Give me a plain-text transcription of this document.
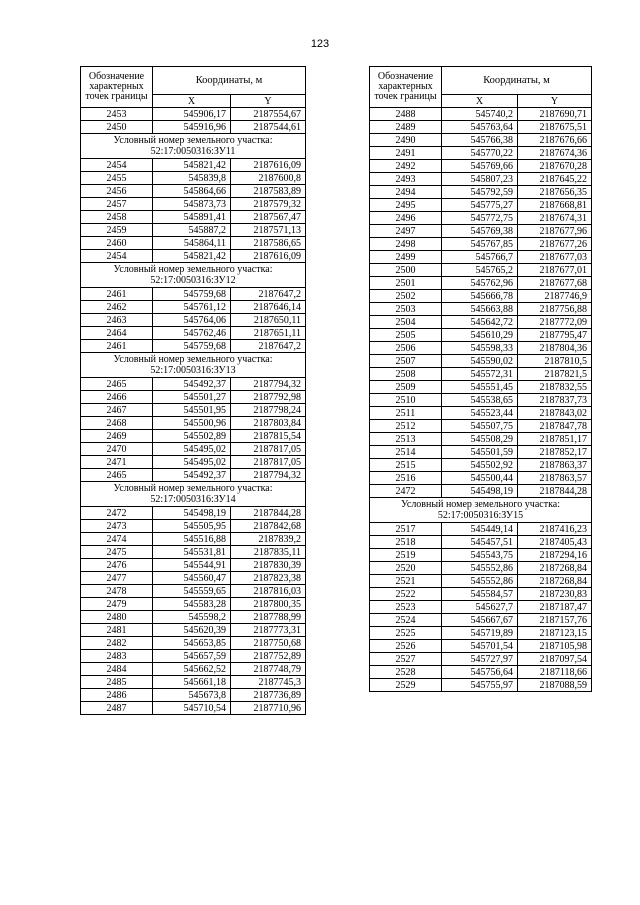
123
Обозначение характерных точек границы	Координаты, м	
	X	Y
2453	545906,17	2187554,67
2450	545916,96	2187544,61
Условный номер земельного участка: 52:17:0050316:ЗУ11		
2454	545821,42	2187616,09
2455	545839,8	2187600,8
2456	545864,66	2187583,89
2457	545873,73	2187579,32
2458	545891,41	2187567,47
2459	545887,2	2187571,13
2460	545864,11	2187586,65
2454	545821,42	2187616,09
Условный номер земельного участка: 52:17:0050316:ЗУ12		
2461	545759,68	2187647,2
2462	545761,12	2187646,14
2463	545764,06	2187650,11
2464	545762,46	2187651,11
2461	545759,68	2187647,2
Условный номер земельного участка: 52:17:0050316:ЗУ13		
2465	545492,37	2187794,32
2466	545501,27	2187792,98
2467	545501,95	2187798,24
2468	545500,96	2187803,84
2469	545502,89	2187815,54
2470	545495,02	2187817,05
2471	545495,02	2187817,05
2465	545492,37	2187794,32
Условный номер земельного участка: 52:17:0050316:ЗУ14		
2472	545498,19	2187844,28
2473	545505,95	2187842,68
2474	545516,88	2187839,2
2475	545531,81	2187835,11
2476	545544,91	2187830,39
2477	545560,47	2187823,38
2478	545559,65	2187816,03
2479	545583,28	2187800,35
2480	545598,2	2187788,99
2481	545620,39	2187773,31
2482	545653,85	2187750,68
2483	545657,59	2187752,89
2484	545662,52	2187748,79
2485	545661,18	2187745,3
2486	545673,8	2187736,89
2487	545710,54	2187710,96
Обозначение характерных точек границы	Координаты, м	
	X	Y
2488	545740,2	2187690,71
2489	545763,64	2187675,51
2490	545766,38	2187676,66
2491	545770,22	2187674,36
2492	545769,66	2187670,28
2493	545807,23	2187645,22
2494	545792,59	2187656,35
2495	545775,27	2187668,81
2496	545772,75	2187674,31
2497	545769,38	2187677,96
2498	545767,85	2187677,26
2499	545766,7	2187677,03
2500	545765,2	2187677,01
2501	545762,96	2187677,68
2502	545666,78	2187746,9
2503	545663,88	2187756,88
2504	545642,72	2187772,09
2505	545610,29	2187795,47
2506	545598,33	2187804,36
2507	545590,02	2187810,5
2508	545572,31	2187821,5
2509	545551,45	2187832,55
2510	545538,65	2187837,73
2511	545523,44	2187843,02
2512	545507,75	2187847,78
2513	545508,29	2187851,17
2514	545501,59	2187852,17
2515	545502,92	2187863,37
2516	545500,44	2187863,57
2472	545498,19	2187844,28
Условный номер земельного участка: 52:17:0050316:ЗУ15		
2517	545449,14	2187416,23
2518	545457,51	2187405,43
2519	545543,75	2187294,16
2520	545552,86	2187268,84
2521	545552,86	2187268,84
2522	545584,57	2187230,83
2523	545627,7	2187187,47
2524	545667,67	2187157,76
2525	545719,89	2187123,15
2526	545701,54	2187105,98
2527	545727,97	2187097,54
2528	545756,64	2187118,66
2529	545755,97	2187088,59
